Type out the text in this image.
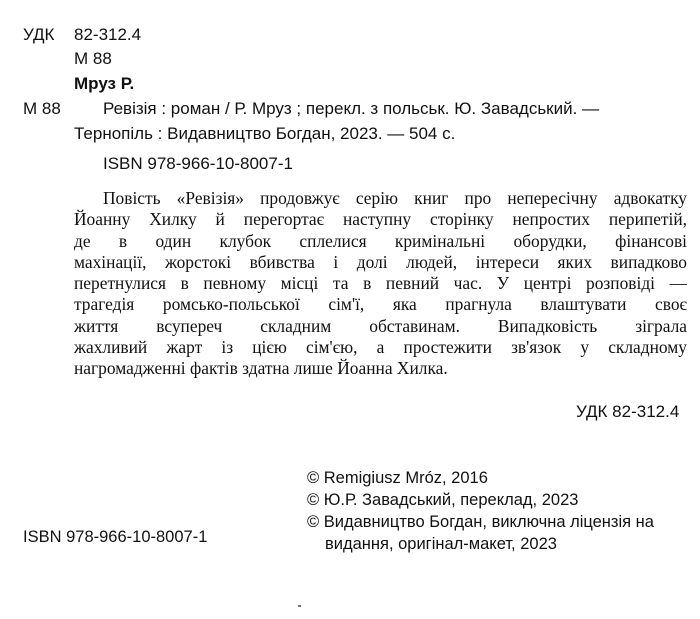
УДК 82-312.4
М 88
Мруз Р.
М 88 Ревізія : роман / Р. Мруз ; перекл. з польськ. Ю. Завадський. —
Тернопіль : Видавництво Богдан, 2023. — 504 с.
ISBN 978-966-10-8007-1
Повість «Ревізія» продовжує серію книг про непересічну адвокатку
Йоанну Хилку й перегортає наступну сторінку непростих перипетій,
де в один клубок сплелися кримінальні оборудки, фінансові
махінації, жорстокі вбивства і долі людей, інтереси яких випадково
перетнулися в певному місці та в певний час. У центрі розповіді —
трагедія ромсько-польської сім'ї, яка прагнула влаштувати своє
життя всупереч складним обставинам. Випадковість зіграла
жахливий жарт із цією сім'єю, а простежити зв'язок у складному
нагромадженні фактів здатна лише Йоанна Хилка.
УДК 82-312.4
© Remigiusz Mróz, 2016
© Ю.Р. Завадський, переклад, 2023
© Видавництво Богдан, виключна ліцензія на
видання, оригінал-макет, 2023
ISBN 978-966-10-8007-1
